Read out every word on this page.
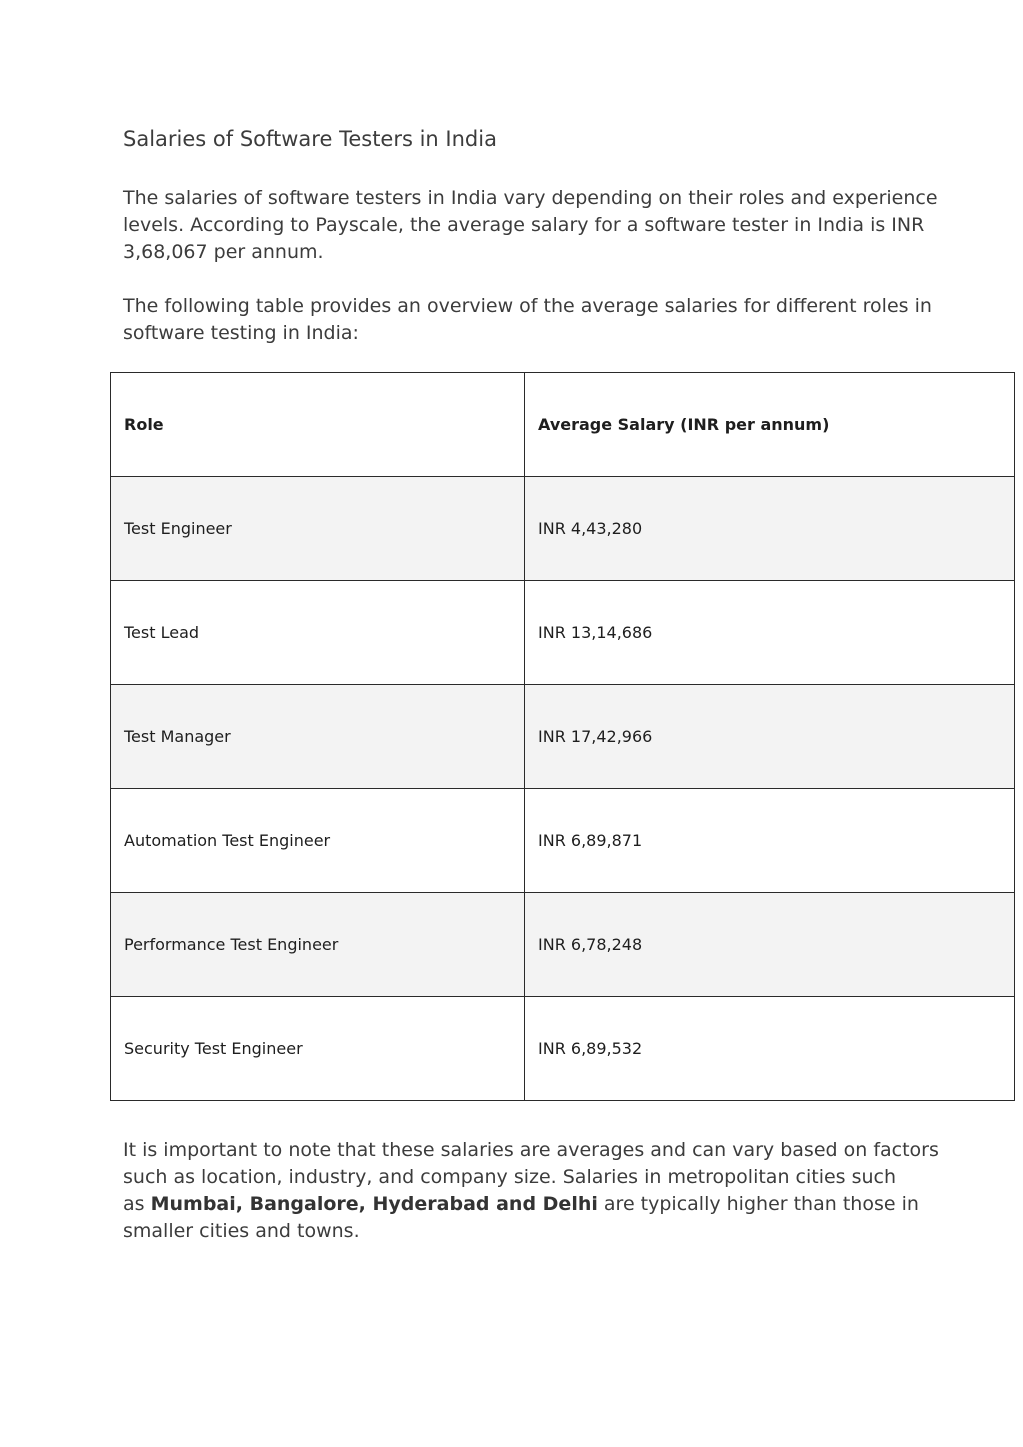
Salaries of Software Testers in India

The salaries of software testers in India vary depending on their roles and experience
levels. According to Payscale, the average salary for a software tester in India is INR
3,68,067 per annum.

The following table provides an overview of the average salaries for different roles in
software testing in India:

Role	Average Salary (INR per annum)
Test Engineer	INR 4,43,280
Test Lead	INR 13,14,686
Test Manager	INR 17,42,966
Automation Test Engineer	INR 6,89,871
Performance Test Engineer	INR 6,78,248
Security Test Engineer	INR 6,89,532

It is important to note that these salaries are averages and can vary based on factors
such as location, industry, and company size. Salaries in metropolitan cities such
as Mumbai, Bangalore, Hyderabad and Delhi are typically higher than those in
smaller cities and towns.
